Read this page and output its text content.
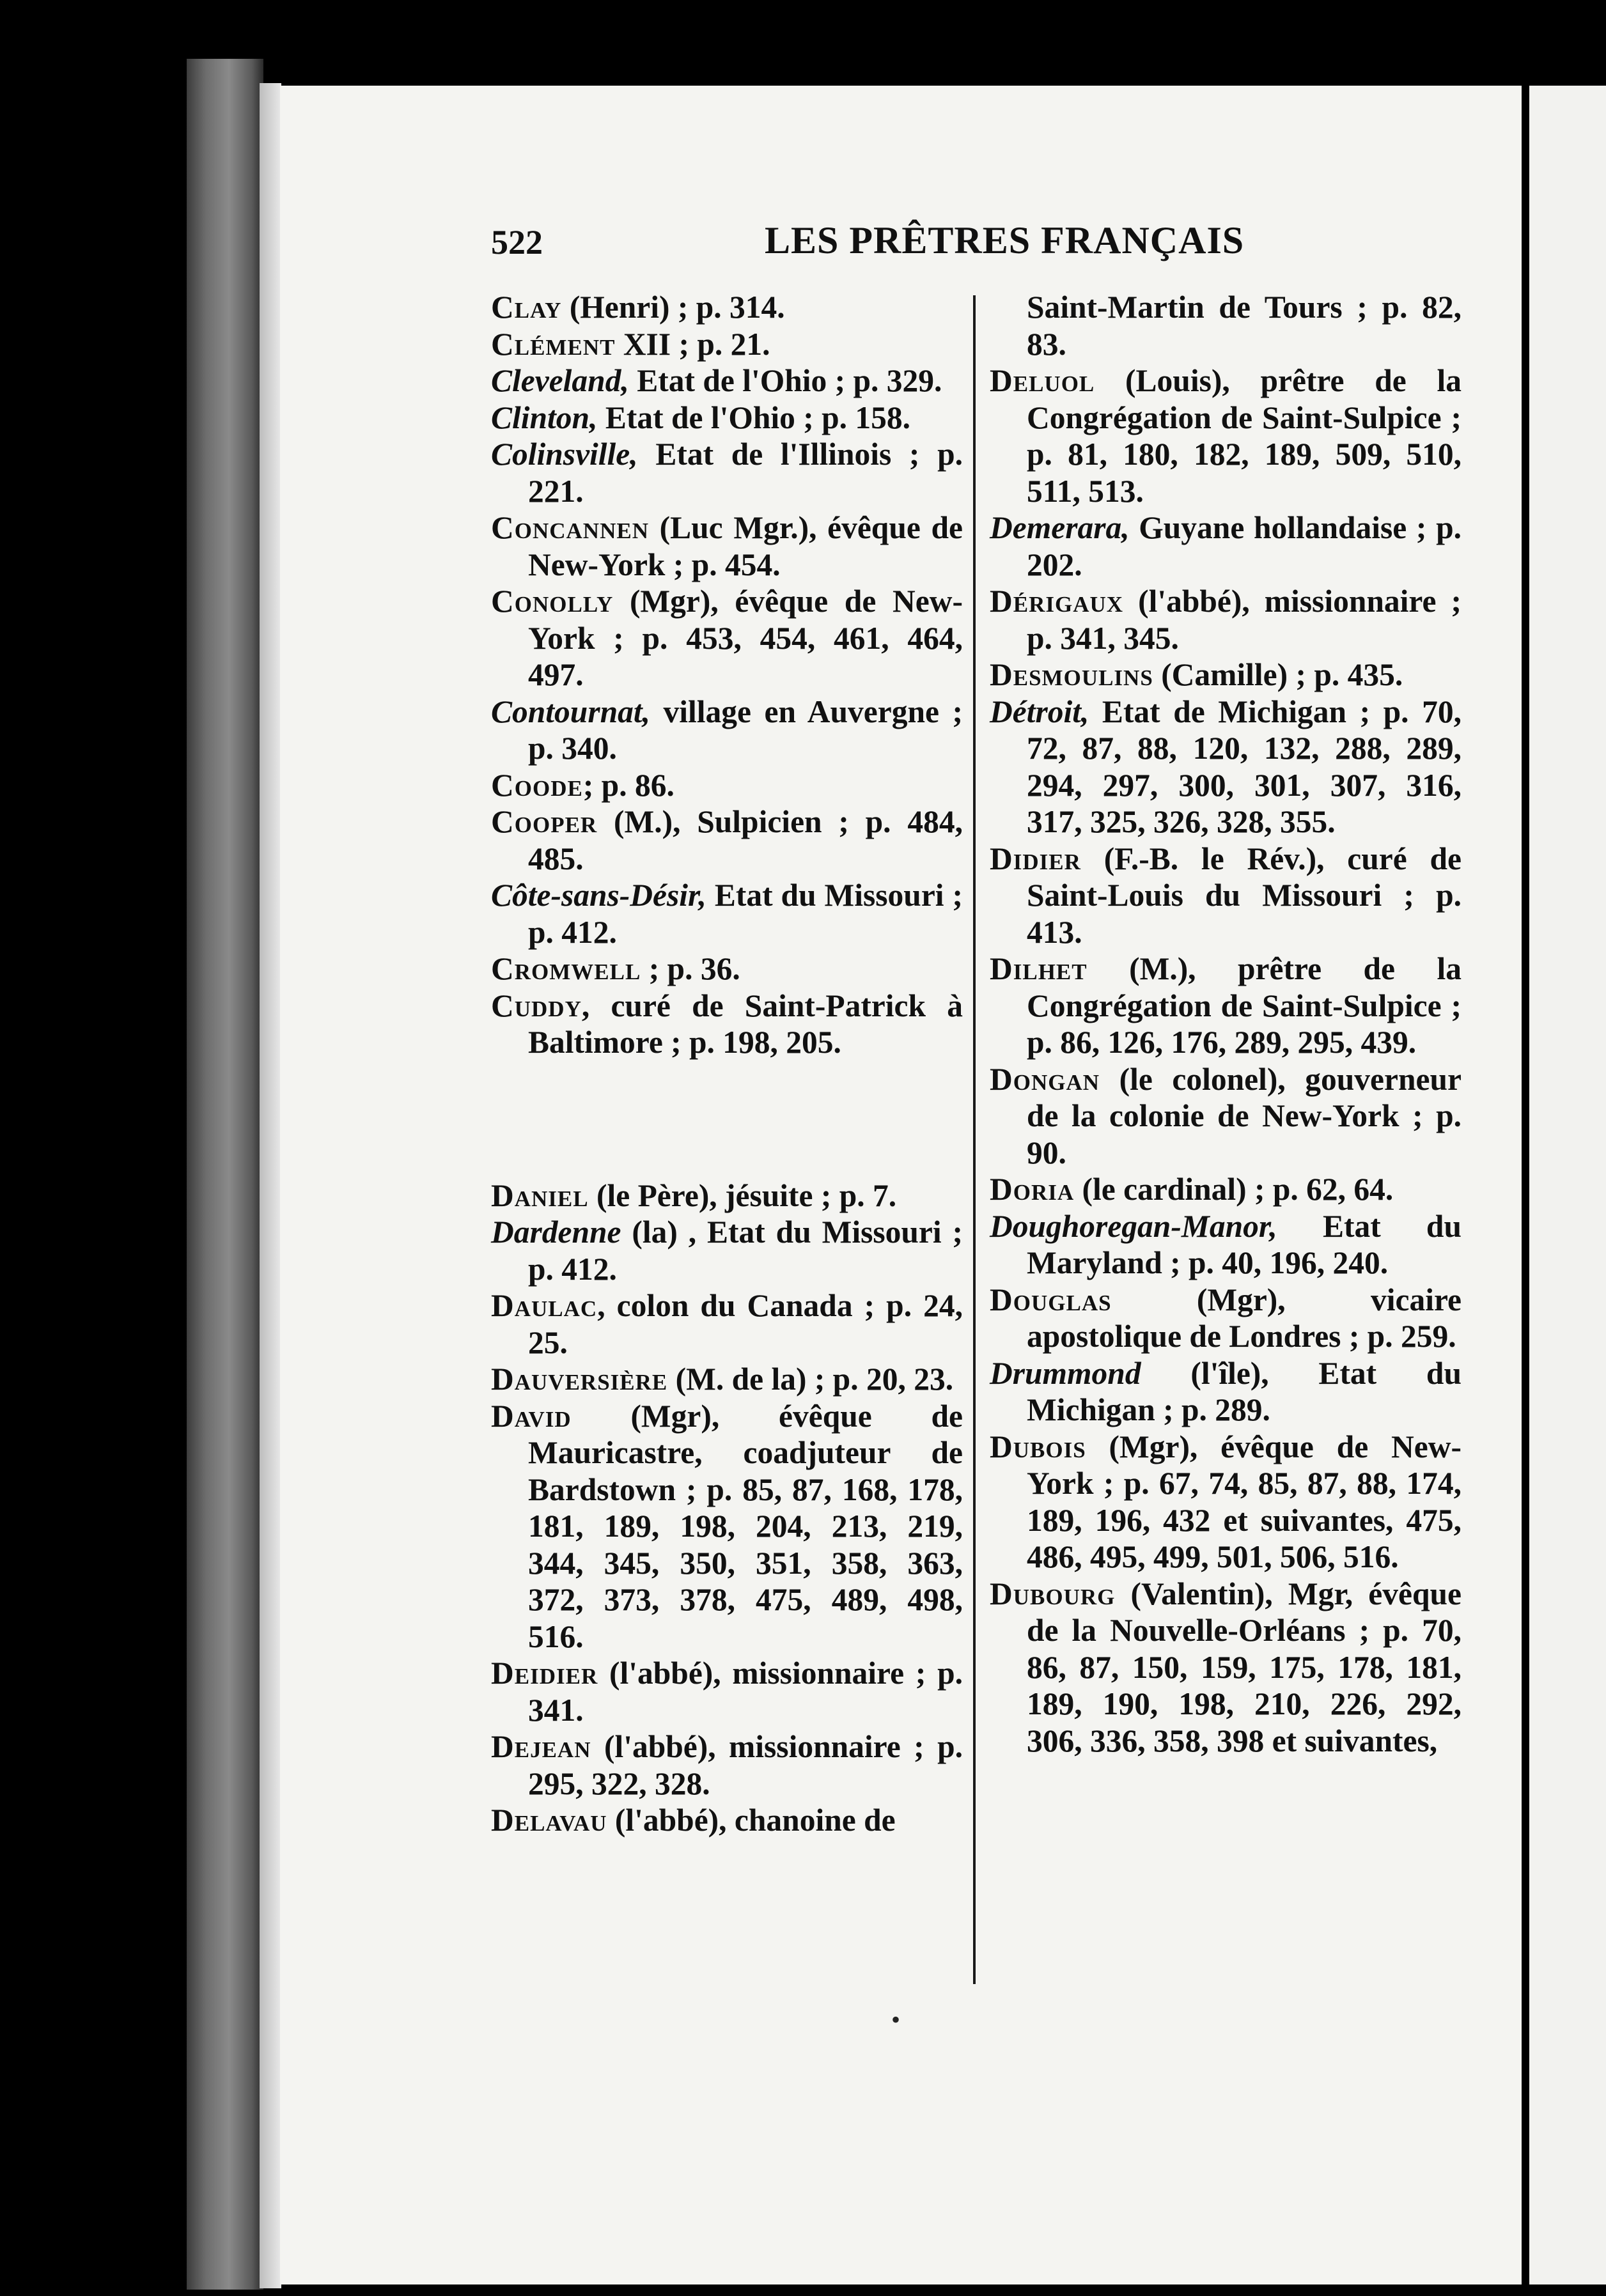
522	LES PRÊTRES FRANÇAIS

Clay (Henri) ; p. 314.

Clément XII ; p. 21.

Cleveland, Etat de l'Ohio ; p. 329.

Clinton, Etat de l'Ohio ; p. 158.

Colinsville, Etat de l'Illinois ; p. 221.

Concannen (Luc Mgr.), évêque de New-York ; p. 454.

Conolly (Mgr), évêque de New-York ; p. 453, 454, 461, 464, 497.

Contournat, village en Auvergne ; p. 340.

Coode; p. 86.

Cooper (M.), Sulpicien ; p. 484, 485.

Côte-sans-Désir, Etat du Missouri ; p. 412.

Cromwell ; p. 36.

Cuddy, curé de Saint-Patrick à Baltimore ; p. 198, 205.

Daniel (le Père), jésuite ; p. 7.

Dardenne (la) , Etat du Missouri ; p. 412.

Daulac, colon du Canada ; p. 24, 25.

Dauversière (M. de la) ; p. 20, 23.

David (Mgr), évêque de Mauricastre, coadjuteur de Bardstown ; p. 85, 87, 168, 178, 181, 189, 198, 204, 213, 219, 344, 345, 350, 351, 358, 363, 372, 373, 378, 475, 489, 498, 516.

Deidier (l'abbé), missionnaire ; p. 341.

Dejean (l'abbé), missionnaire ; p. 295, 322, 328.

Delavau (l'abbé), chanoine de

Saint-Martin de Tours ; p. 82, 83.

Deluol (Louis), prêtre de la Congrégation de Saint-Sulpice ; p. 81, 180, 182, 189, 509, 510, 511, 513.

Demerara, Guyane hollandaise ; p. 202.

Dérigaux (l'abbé), missionnaire ; p. 341, 345.

Desmoulins (Camille) ; p. 435.

Détroit, Etat de Michigan ; p. 70, 72, 87, 88, 120, 132, 288, 289, 294, 297, 300, 301, 307, 316, 317, 325, 326, 328, 355.

Didier (F.-B. le Rév.), curé de Saint-Louis du Missouri ; p. 413.

Dilhet (M.), prêtre de la Congrégation de Saint-Sulpice ; p. 86, 126, 176, 289, 295, 439.

Dongan (le colonel), gouverneur de la colonie de New-York ; p. 90.

Doria (le cardinal) ; p. 62, 64.

Doughoregan-Manor, Etat du Maryland ; p. 40, 196, 240.

Douglas (Mgr), vicaire apostolique de Londres ; p. 259.

Drummond (l'île), Etat du Michigan ; p. 289.

Dubois (Mgr), évêque de New-York ; p. 67, 74, 85, 87, 88, 174, 189, 196, 432 et suivantes, 475, 486, 495, 499, 501, 506, 516.

Dubourg (Valentin), Mgr, évêque de la Nouvelle-Orléans ; p. 70, 86, 87, 150, 159, 175, 178, 181, 189, 190, 198, 210, 226, 292, 306, 336, 358, 398 et suivantes,

•
